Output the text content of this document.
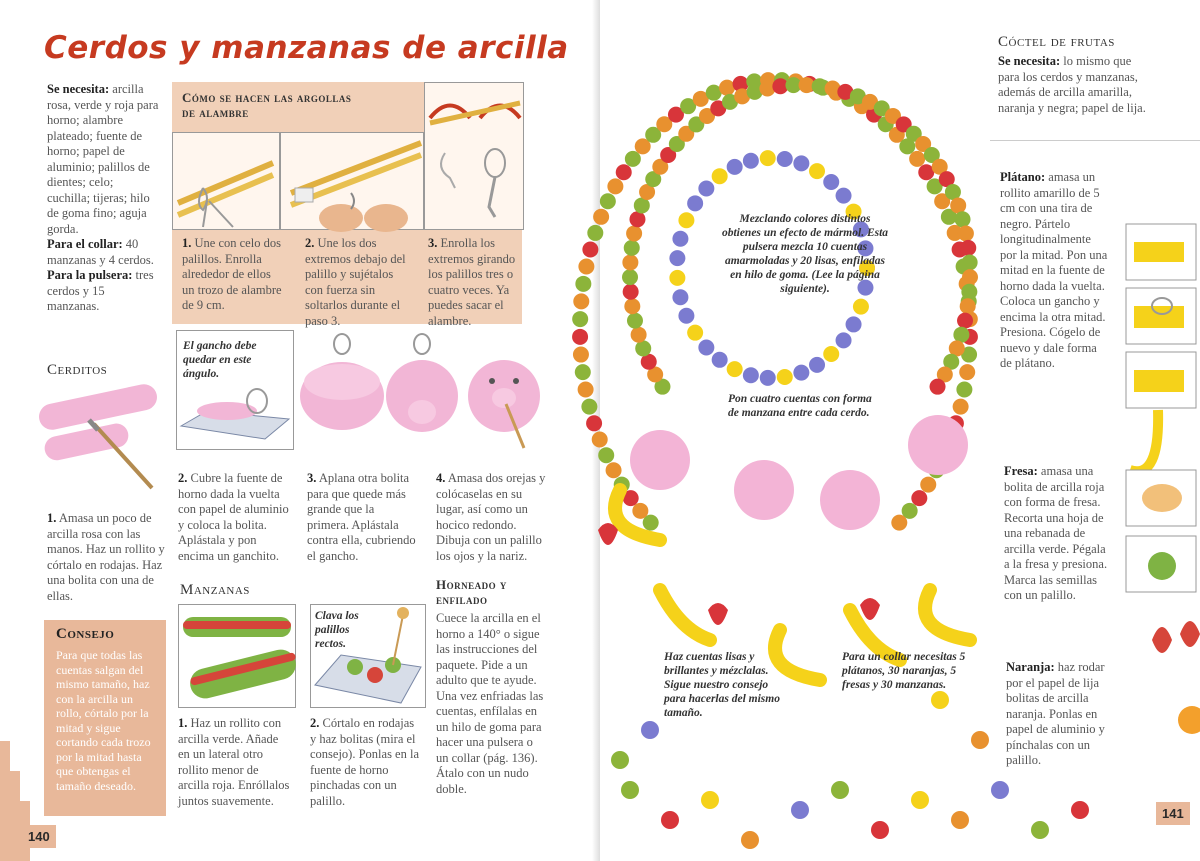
Cerdos y manzanas de arcilla
Se necesita: arcilla rosa, verde y roja para horno; alambre plateado; fuente de horno; papel de aluminio; palillos de dientes; celo; cuchilla; tijeras; hilo de goma fino; aguja gorda.
Para el collar: 40 manzanas y 4 cerdos.
Para la pulsera: tres cerdos y 15 manzanas.
Cómo se hacen las argollas de alambre
1. Une con celo dos palillos. Enrolla alrededor de ellos un trozo de alambre de 9 cm.
2. Une los dos extremos debajo del palillo y sujétalos con fuerza sin soltarlos durante el paso 3.
3. Enrolla los extremos girando los palillos tres o cuatro veces. Ya puedes sacar el alambre.
Cerditos
El gancho debe quedar en este ángulo.
1. Amasa un poco de arcilla rosa con las manos. Haz un rollito y córtalo en rodajas. Haz una bolita con una de ellas.
2. Cubre la fuente de horno dada la vuelta con papel de aluminio y coloca la bolita. Aplástala y pon encima un ganchito.
3. Aplana otra bolita para que quede más grande que la primera. Aplástala contra ella, cubriendo el gancho.
4. Amasa dos orejas y colócaselas en su lugar, así como un hocico redondo. Dibuja con un palillo los ojos y la nariz.
Consejo
Para que todas las cuentas salgan del mismo tamaño, haz con la arcilla un rollo, córtalo por la mitad y sigue cortando cada trozo por la mitad hasta que obtengas el tamaño deseado.
Manzanas
Clava los palillos rectos.
1. Haz un rollito con arcilla verde. Añade en un lateral otro rollito menor de arcilla roja. Enróllalos juntos suavemente.
2. Córtalo en rodajas y haz bolitas (mira el consejo). Ponlas en la fuente de horno pinchadas con un palillo.
Horneado y enfilado
Cuece la arcilla en el horno a 140° o sigue las instrucciones del paquete. Pide a un adulto que te ayude. Una vez enfriadas las cuentas, enfílalas en un hilo de goma para hacer una pulsera o un collar (pág. 136). Átalo con un nudo doble.
140
Cóctel de frutas
Se necesita: lo mismo que para los cerdos y manzanas, además de arcilla amarilla, naranja y negra; papel de lija.
Plátano: amasa un rollito amarillo de 5 cm con una tira de negro. Pártelo longitudinalmente por la mitad. Pon una mitad en la fuente de horno dada la vuelta. Coloca un gancho y encima la otra mitad. Presiona. Cógelo de nuevo y dale forma de plátano.
Fresa: amasa una bolita de arcilla roja con forma de fresa. Recorta una hoja de una rebanada de arcilla verde. Pégala a la fresa y presiona. Marca las semillas con un palillo.
Naranja: haz rodar por el papel de lija bolitas de arcilla naranja. Ponlas en papel de aluminio y pínchalas con un palillo.
Mezclando colores distintos obtienes un efecto de mármol. Esta pulsera mezcla 10 cuentas amarmoladas y 20 lisas, enfiladas en hilo de goma. (Lee la página siguiente).
Pon cuatro cuentas con forma de manzana entre cada cerdo.
Haz cuentas lisas y brillantes y mézclalas. Sigue nuestro consejo para hacerlas del mismo tamaño.
Para un collar necesitas 5 plátanos, 30 naranjas, 5 fresas y 30 manzanas.
141
